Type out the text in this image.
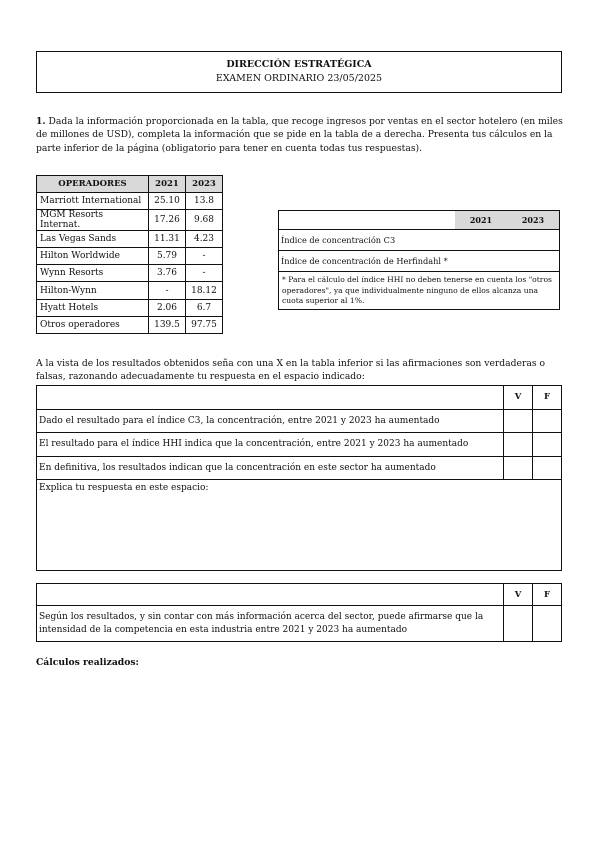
DIRECCIÓN ESTRATÉGICA
EXAMEN ORDINARIO 23/05/2025
1. Dada la información proporcionada en la tabla, que recoge ingresos por ventas en el sector hotelero (en miles de millones de USD), completa la información que se pide en la tabla de a derecha. Presenta tus cálculos en la parte inferior de la página (obligatorio para tener en cuenta todas tus respuestas).
OPERADORES	2021	2023
Marriott International	25.10	13.8
MGM Resorts Internat.	17.26	9.68
Las Vegas Sands	11.31	4.23
Hilton Worldwide	5.79	-
Wynn Resorts	3.76	-
Hilton-Wynn	-	18.12
Hyatt Hotels	2.06	6.7
Otros operadores	139.5	97.75
2021	2023
Índice de concentración C3
Índice de concentración de Herfindahl *
* Para el cálculo del índice HHI no deben tenerse en cuenta los "otros operadores", ya que individualmente ninguno de ellos alcanza una cuota superior al 1%.
A la vista de los resultados obtenidos seña con una X en la tabla inferior si las afirmaciones son verdaderas o falsas, razonando adecuadamente tu respuesta en el espacio indicado:
V	F
Dado el resultado para el índice C3, la concentración, entre 2021 y 2023 ha aumentado
El resultado para el índice HHI indica que la concentración, entre 2021 y 2023 ha aumentado
En definitiva, los resultados indican que la concentración en este sector ha aumentado
Explica tu respuesta en este espacio:
V	F
Según los resultados, y sin contar con más información acerca del sector, puede afirmarse que la intensidad de la competencia en esta industria entre 2021 y 2023 ha aumentado
Cálculos realizados:
